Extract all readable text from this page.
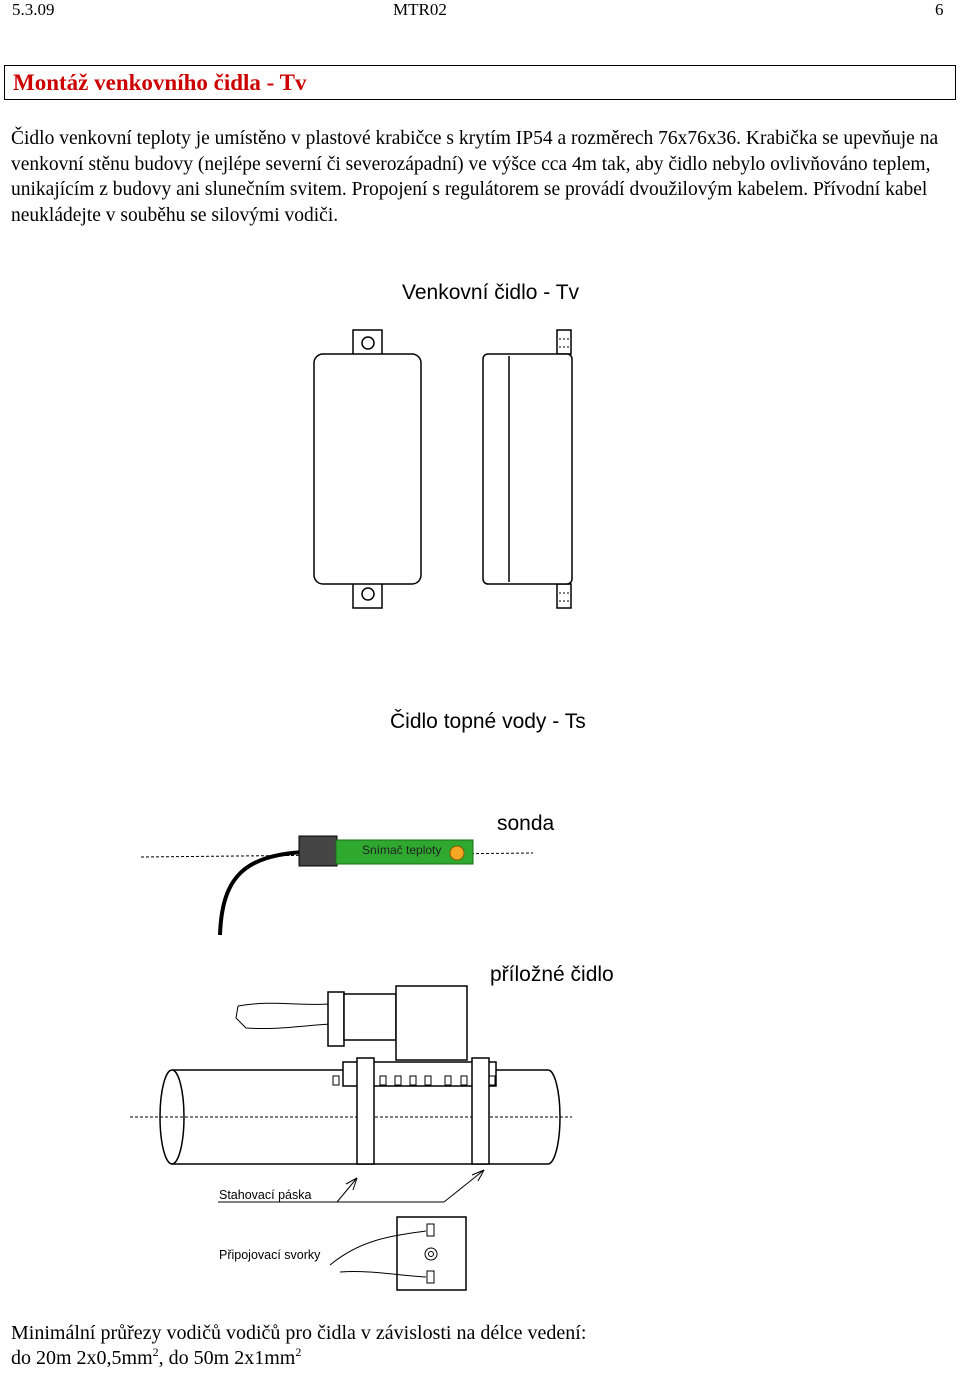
5.3.09	MTR02	6
Montáž venkovního čidla - Tv

Čidlo venkovní teploty je umístěno v plastové krabičce s krytím IP54 a rozměrech 76x76x36. Krabička se upevňuje na venkovní stěnu budovy (nejlépe severní či severozápadní) ve výšce cca 4m tak, aby čidlo nebylo ovlivňováno teplem, unikajícím z budovy ani slunečním svitem. Propojení s regulátorem se provádí dvoužilovým kabelem. Přívodní kabel neukládejte v souběhu se silovými vodiči.

Venkovní čidlo - Tv
Čidlo topné vody - Ts
sonda
Snímač teploty
příložné čidlo
Stahovací páska
Připojovací svorky
Minimální průřezy vodičů vodičů pro čidla v závislosti na délce vedení:
do 20m $2x0,5mm^2$, do 50m $2x1mm^2$
